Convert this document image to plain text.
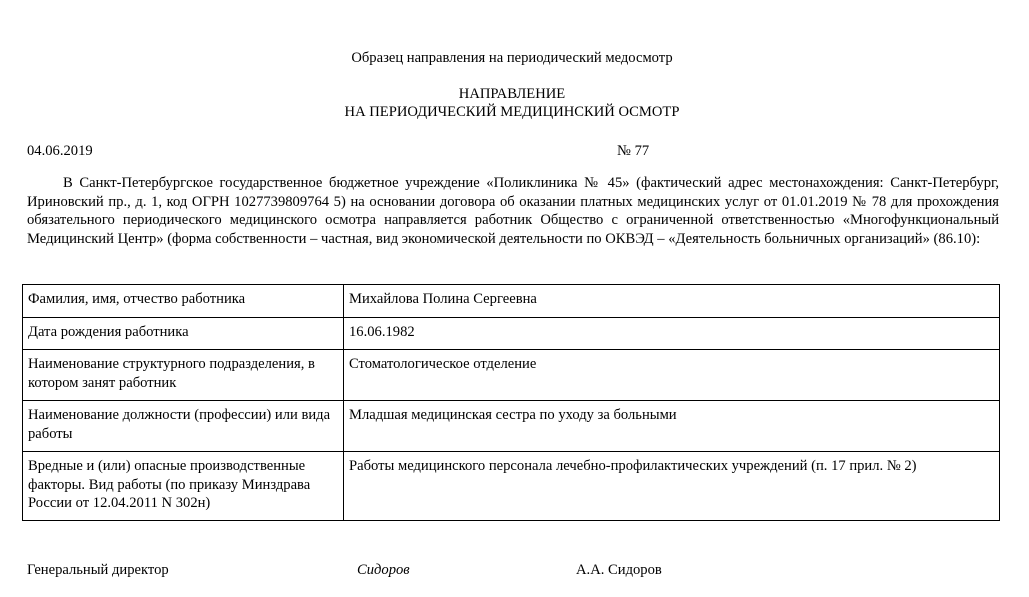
Образец направления на периодический медосмотр
НАПРАВЛЕНИЕ
НА ПЕРИОДИЧЕСКИЙ МЕДИЦИНСКИЙ ОСМОТР
04.06.2019	№ 77

В Санкт-Петербургское государственное бюджетное учреждение «Поликлиника № 45» (фактический адрес местонахождения: Санкт-Петербург, Ириновский пр., д. 1, код ОГРН 1027739809764 5) на основании договора об оказании платных медицинских услуг от 01.01.2019 № 78 для прохождения обязательного периодического медицинского осмотра направляется работник Общество с ограниченной ответственностью «Многофункциональный Медицинский Центр» (форма собственности – частная, вид экономической деятельности по ОКВЭД – «Деятельность больничных организаций» (86.10):

Фамилия, имя, отчество работника	Михайлова Полина Сергеевна
Дата рождения работника	16.06.1982
Наименование структурного подразделения, в котором занят работник	Стоматологическое отделение
Наименование должности (профессии) или вида работы	Младшая медицинская сестра по уходу за больными
Вредные и (или) опасные производственные факторы. Вид работы (по приказу Минздрава России от 12.04.2011 N 302н)	Работы медицинского персонала лечебно-профилактических учреждений (п. 17 прил. № 2)
Генеральный директор	Сидоров	А.А. Сидоров
